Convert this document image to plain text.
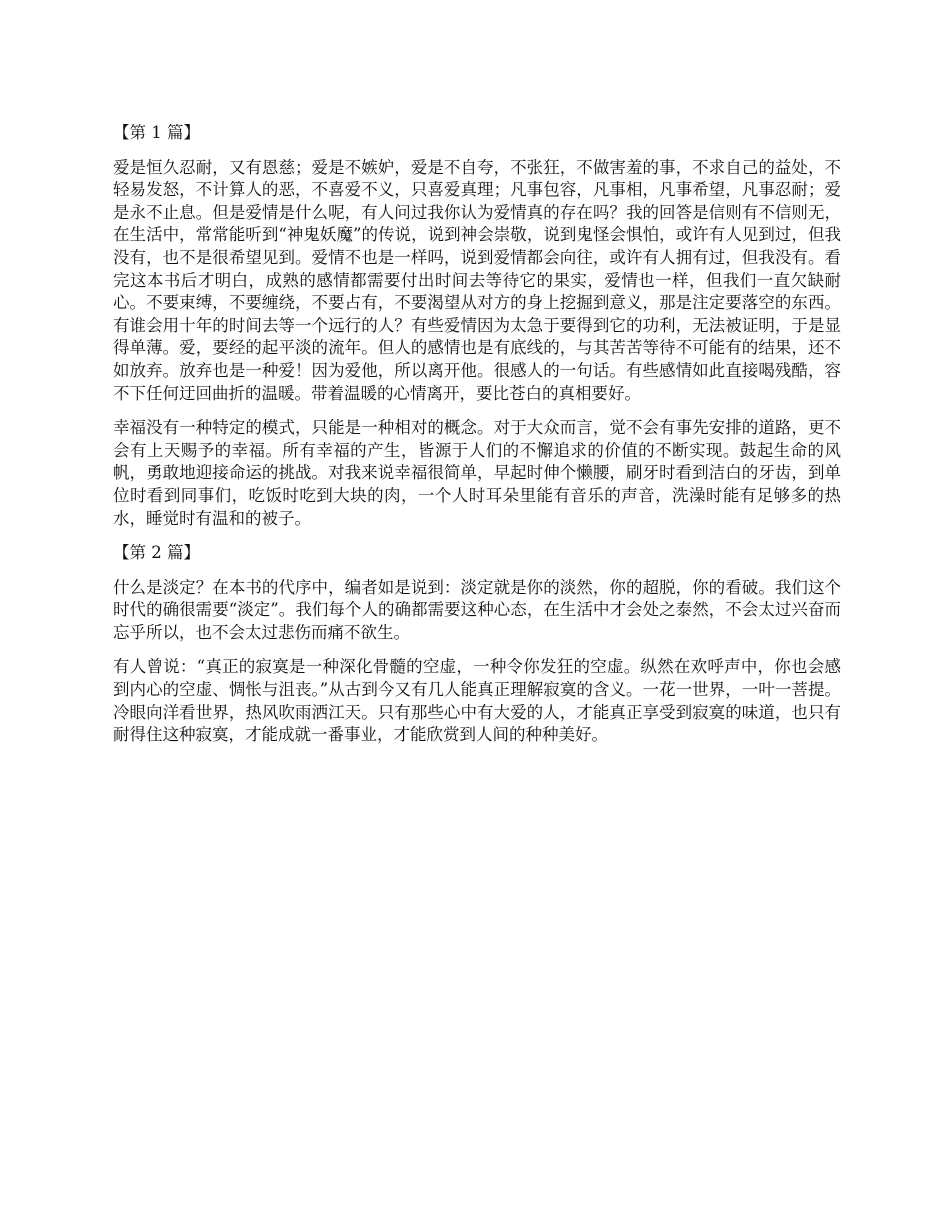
【第 1 篇】

爱是恒久忍耐，又有恩慈；爱是不嫉妒，爱是不自夸，不张狂，不做害羞的事，不求自己的益处，不轻易发怒，不计算人的恶，不喜爱不义，只喜爱真理；凡事包容，凡事相，凡事希望，凡事忍耐；爱是永不止息。但是爱情是什么呢，有人问过我你认为爱情真的存在吗？我的回答是信则有不信则无，在生活中，常常能听到“神鬼妖魔”的传说，说到神会崇敬，说到鬼怪会惧怕，或许有人见到过，但我没有，也不是很希望见到。爱情不也是一样吗，说到爱情都会向往，或许有人拥有过，但我没有。看完这本书后才明白，成熟的感情都需要付出时间去等待它的果实，爱情也一样，但我们一直欠缺耐心。不要束缚，不要缠绕，不要占有，不要渴望从对方的身上挖掘到意义，那是注定要落空的东西。有谁会用十年的时间去等一个远行的人？有些爱情因为太急于要得到它的功利，无法被证明，于是显得单薄。爱，要经的起平淡的流年。但人的感情也是有底线的，与其苦苦等待不可能有的结果，还不如放弃。放弃也是一种爱！因为爱他，所以离开他。很感人的一句话。有些感情如此直接喝残酷，容不下任何迂回曲折的温暖。带着温暖的心情离开，要比苍白的真相要好。

幸福没有一种特定的模式，只能是一种相对的概念。对于大众而言，觉不会有事先安排的道路，更不会有上天赐予的幸福。所有幸福的产生，皆源于人们的不懈追求的价值的不断实现。鼓起生命的风帆，勇敢地迎接命运的挑战。对我来说幸福很简单，早起时伸个懒腰，刷牙时看到洁白的牙齿，到单位时看到同事们，吃饭时吃到大块的肉，一个人时耳朵里能有音乐的声音，洗澡时能有足够多的热水，睡觉时有温和的被子。

【第 2 篇】

什么是淡定？在本书的代序中，编者如是说到：淡定就是你的淡然，你的超脱，你的看破。我们这个时代的确很需要“淡定”。我们每个人的确都需要这种心态，在生活中才会处之泰然，不会太过兴奋而忘乎所以，也不会太过悲伤而痛不欲生。

有人曾说：“真正的寂寞是一种深化骨髓的空虚，一种令你发狂的空虚。纵然在欢呼声中，你也会感到内心的空虚、惆怅与沮丧。”从古到今又有几人能真正理解寂寞的含义。一花一世界，一叶一菩提。冷眼向洋看世界，热风吹雨洒江天。只有那些心中有大爱的人，才能真正享受到寂寞的味道，也只有耐得住这种寂寞，才能成就一番事业，才能欣赏到人间的种种美好。
